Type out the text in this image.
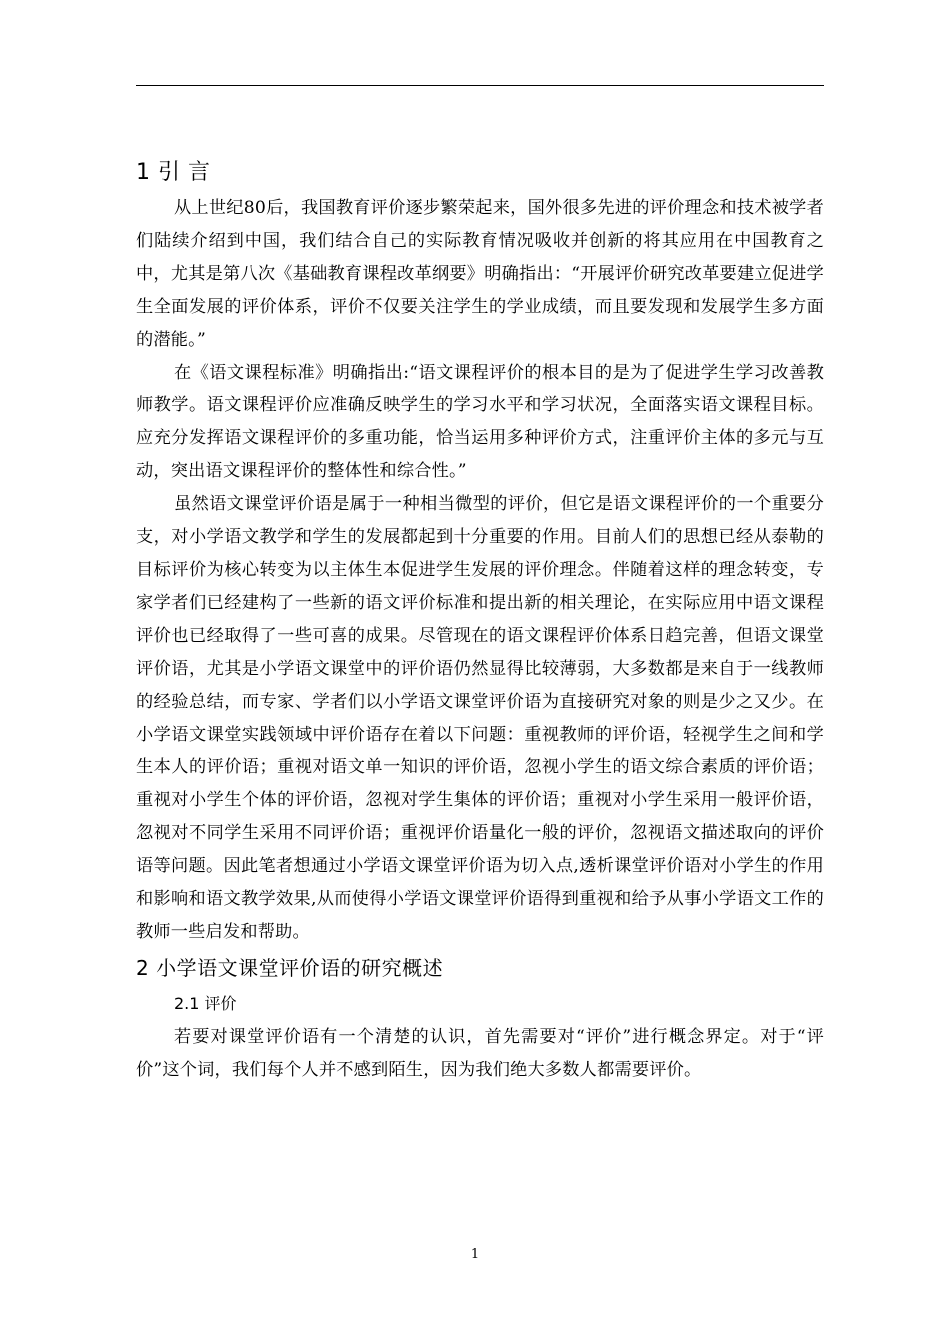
1 引 言

从上世纪80后，我国教育评价逐步繁荣起来，国外很多先进的评价理念和技术被学者们陆续介绍到中国，我们结合自己的实际教育情况吸收并创新的将其应用在中国教育之中，尤其是第八次《基础教育课程改革纲要》明确指出：“开展评价研究改革要建立促进学生全面发展的评价体系，评价不仅要关注学生的学业成绩，而且要发现和发展学生多方面的潜能。”

在《语文课程标准》明确指出:“语文课程评价的根本目的是为了促进学生学习改善教师教学。语文课程评价应准确反映学生的学习水平和学习状况，全面落实语文课程目标。应充分发挥语文课程评价的多重功能，恰当运用多种评价方式，注重评价主体的多元与互动，突出语文课程评价的整体性和综合性。”

虽然语文课堂评价语是属于一种相当微型的评价，但它是语文课程评价的一个重要分支，对小学语文教学和学生的发展都起到十分重要的作用。目前人们的思想已经从泰勒的目标评价为核心转变为以主体生本促进学生发展的评价理念。伴随着这样的理念转变，专家学者们已经建构了一些新的语文评价标准和提出新的相关理论，在实际应用中语文课程评价也已经取得了一些可喜的成果。尽管现在的语文课程评价体系日趋完善，但语文课堂评价语，尤其是小学语文课堂中的评价语仍然显得比较薄弱，大多数都是来自于一线教师的经验总结，而专家、学者们以小学语文课堂评价语为直接研究对象的则是少之又少。在小学语文课堂实践领域中评价语存在着以下问题：重视教师的评价语，轻视学生之间和学生本人的评价语；重视对语文单一知识的评价语，忽视小学生的语文综合素质的评价语；重视对小学生个体的评价语，忽视对学生集体的评价语；重视对小学生采用一般评价语，忽视对不同学生采用不同评价语；重视评价语量化一般的评价，忽视语文描述取向的评价语等问题。因此笔者想通过小学语文课堂评价语为切入点,透析课堂评价语对小学生的作用和影响和语文教学效果,从而使得小学语文课堂评价语得到重视和给予从事小学语文工作的教师一些启发和帮助。

2 小学语文课堂评价语的研究概述
2.1 评价

若要对课堂评价语有一个清楚的认识，首先需要对“评价”进行概念界定。对于“评价”这个词，我们每个人并不感到陌生，因为我们绝大多数人都需要评价。

1
